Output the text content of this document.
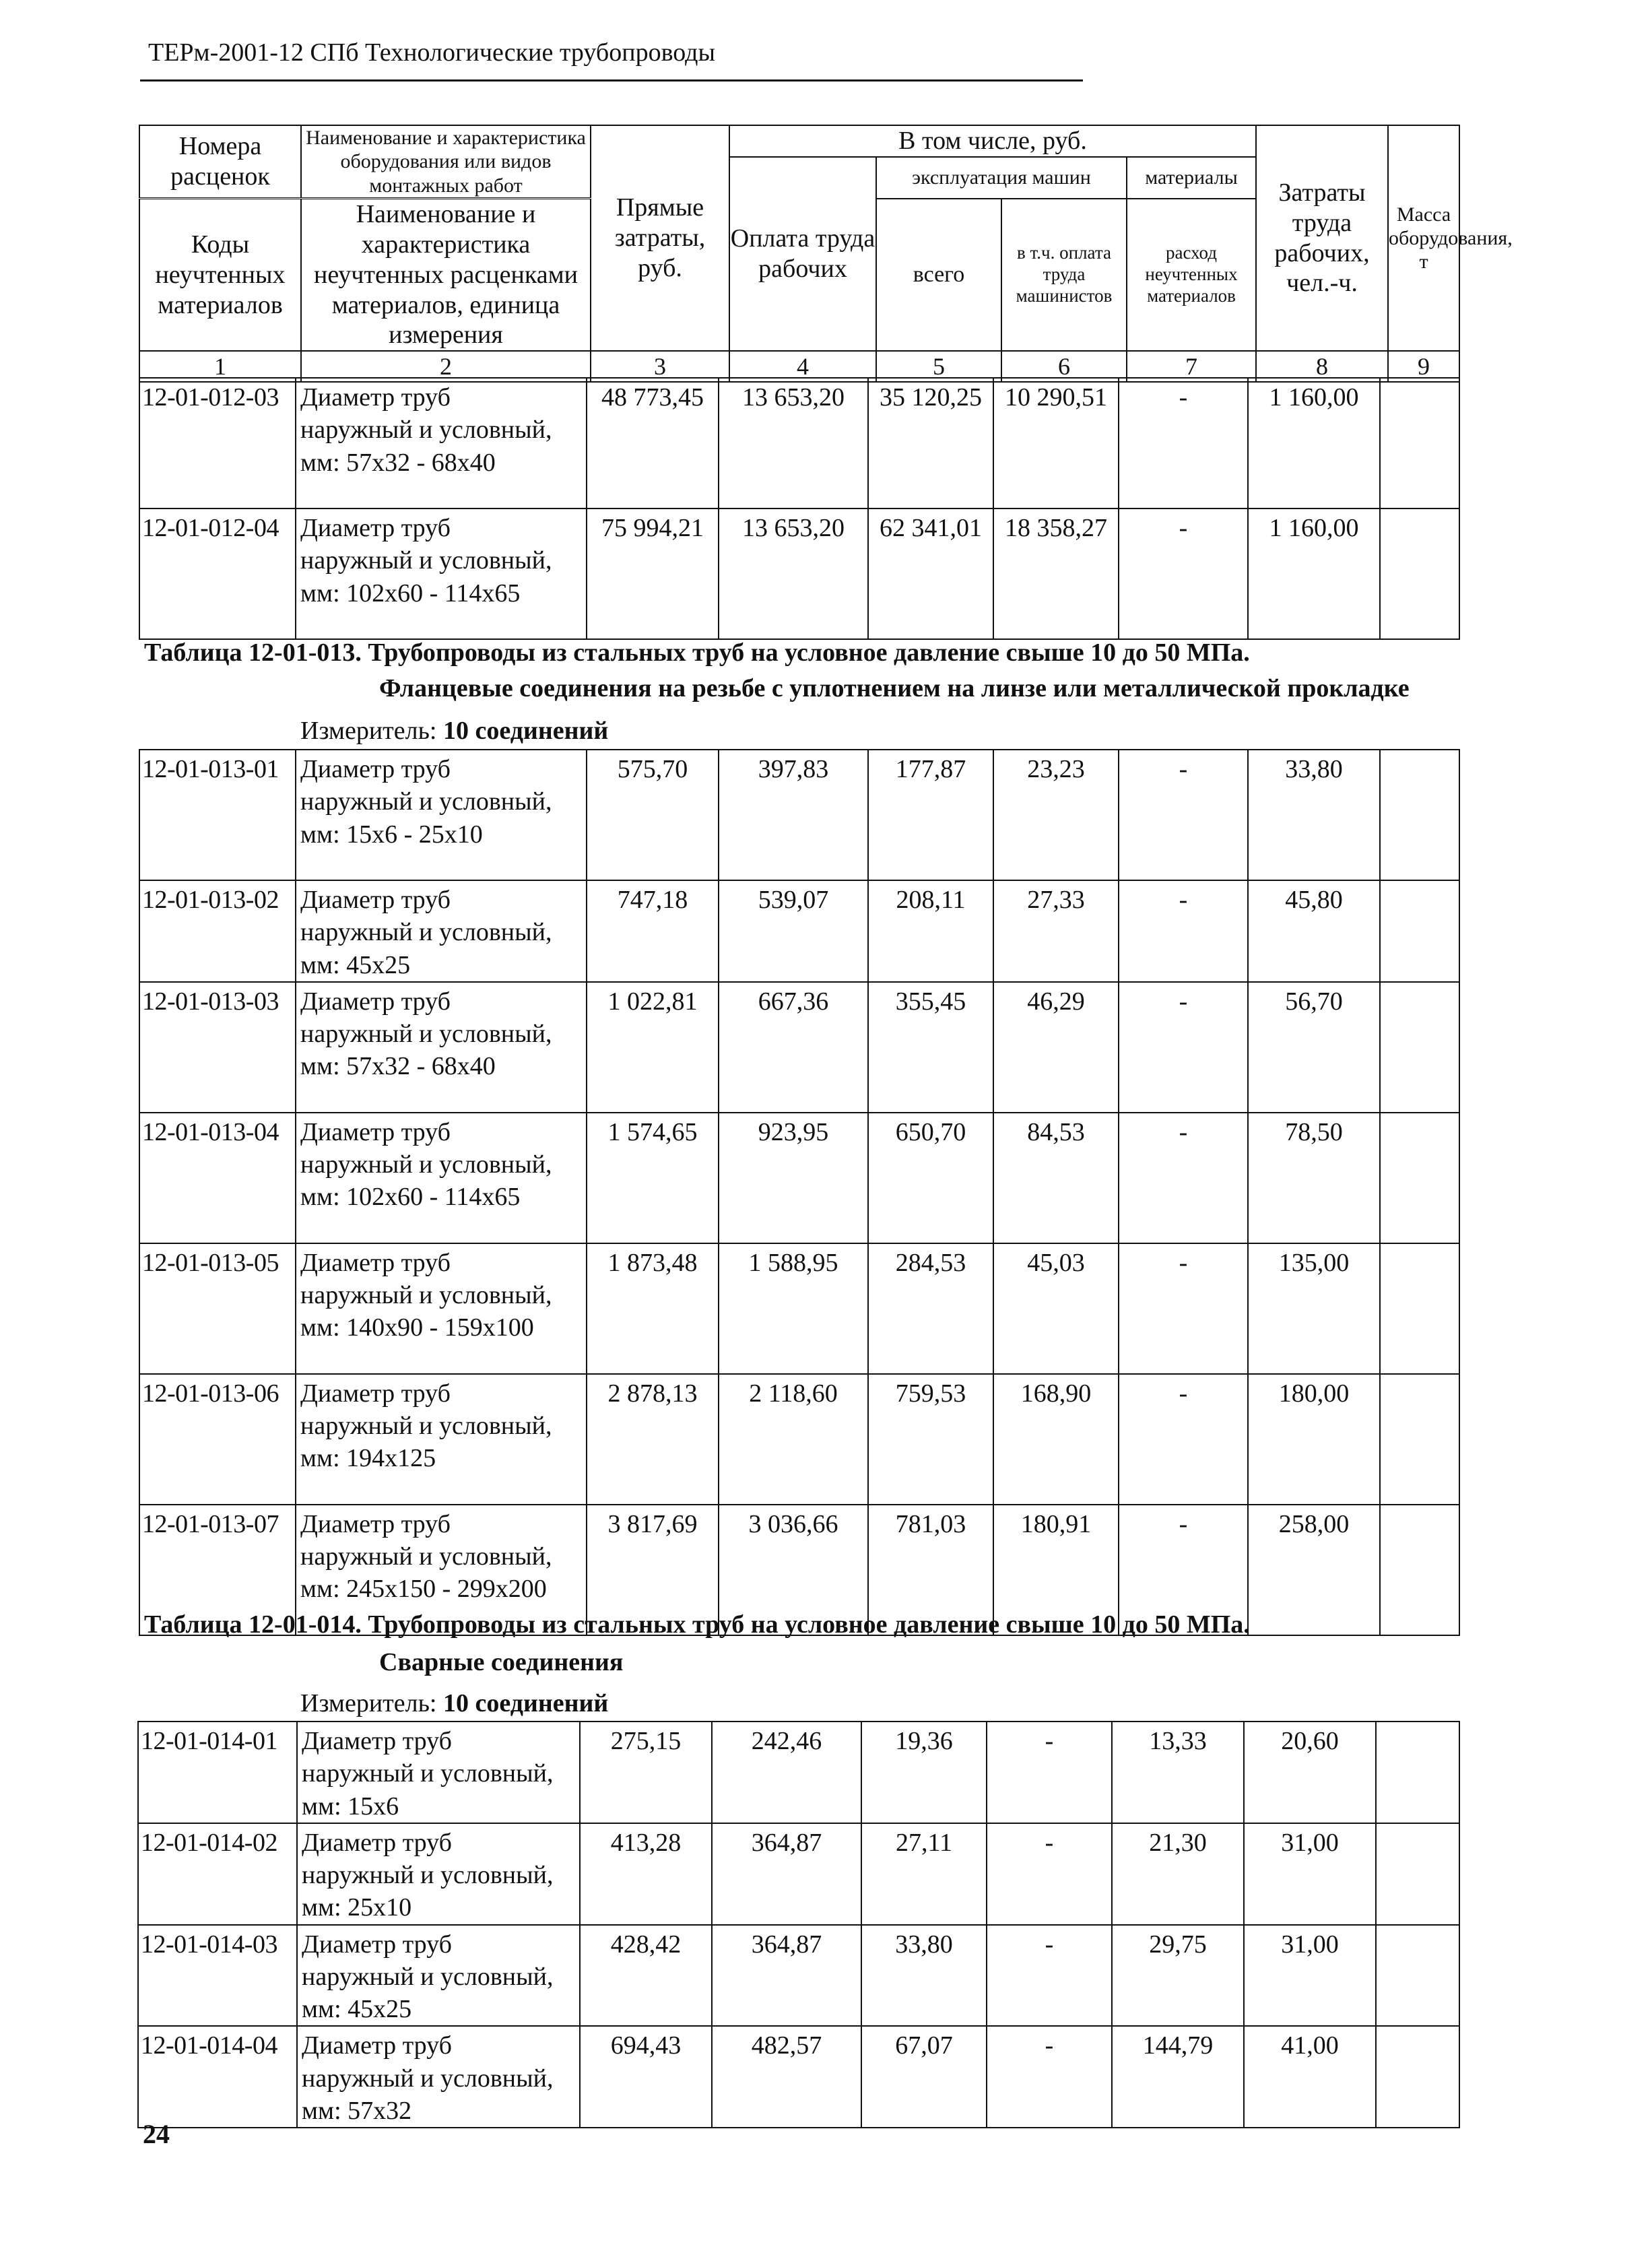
ТЕРм-2001-12 СПб Технологические трубопроводы
Номера расценок	Наименование и характеристика оборудования или видов монтажных работ	Прямые затраты, руб.	В том числе, руб.				Затраты труда рабочих, чел.-ч.	Масса оборудования, т
			Оплата труда рабочих	эксплуатация машин		материалы		
Коды неучтенных материалов	Наименование и характеристика неучтенных расценками материалов, единица измерения			всего	в т.ч. оплата труда машинистов	расход неучтенных материалов		

1	2	3	4	5	6	7	8	9
12-01-012-03	Диаметр труб
наружный и условный,
мм: 57х32 - 68х40	48 773,45	13 653,20	35 120,25	10 290,51	-	1 160,00	
12-01-012-04	Диаметр труб
наружный и условный,
мм: 102х60 - 114х65	75 994,21	13 653,20	62 341,01	18 358,27	-	1 160,00	
Таблица 12-01-013. Трубопроводы из стальных труб на условное давление свыше 10 до 50 МПа.
Фланцевые соединения на резьбе с уплотнением на линзе или металлической прокладке
Измеритель: 10 соединений
12-01-013-01	Диаметр труб
наружный и условный,
мм: 15х6 - 25х10	575,70	397,83	177,87	23,23	-	33,80	
12-01-013-02	Диаметр труб
наружный и условный,
мм: 45х25	747,18	539,07	208,11	27,33	-	45,80	
12-01-013-03	Диаметр труб
наружный и условный,
мм: 57х32 - 68х40	1 022,81	667,36	355,45	46,29	-	56,70	
12-01-013-04	Диаметр труб
наружный и условный,
мм: 102х60 - 114х65	1 574,65	923,95	650,70	84,53	-	78,50	
12-01-013-05	Диаметр труб
наружный и условный,
мм: 140х90 - 159х100	1 873,48	1 588,95	284,53	45,03	-	135,00	
12-01-013-06	Диаметр труб
наружный и условный,
мм: 194х125	2 878,13	2 118,60	759,53	168,90	-	180,00	
12-01-013-07	Диаметр труб
наружный и условный,
мм: 245х150 - 299х200	3 817,69	3 036,66	781,03	180,91	-	258,00	
Таблица 12-01-014. Трубопроводы из стальных труб на условное давление свыше 10 до 50 МПа.
Сварные соединения
Измеритель: 10 соединений
12-01-014-01	Диаметр труб
наружный и условный,
мм: 15х6	275,15	242,46	19,36	-	13,33	20,60	
12-01-014-02	Диаметр труб
наружный и условный,
мм: 25х10	413,28	364,87	27,11	-	21,30	31,00	
12-01-014-03	Диаметр труб
наружный и условный,
мм: 45х25	428,42	364,87	33,80	-	29,75	31,00	
12-01-014-04	Диаметр труб
наружный и условный,
мм: 57х32	694,43	482,57	67,07	-	144,79	41,00	
24
